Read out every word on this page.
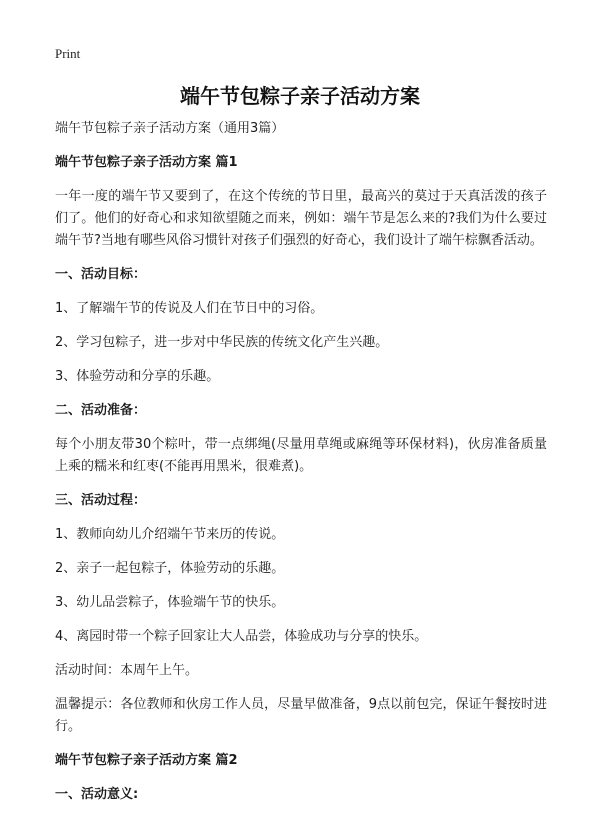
Print
端午节包粽子亲子活动方案

端午节包粽子亲子活动方案（通用3篇）

端午节包粽子亲子活动方案 篇1

一年一度的端午节又要到了，在这个传统的节日里，最高兴的莫过于天真活泼的孩子们了。他们的好奇心和求知欲望随之而来，例如：端午节是怎么来的?我们为什么要过端午节?当地有哪些风俗习惯针对孩子们强烈的好奇心，我们设计了端午棕飘香活动。

一、活动目标：

1、了解端午节的传说及人们在节日中的习俗。

2、学习包粽子，进一步对中华民族的传统文化产生兴趣。

3、体验劳动和分享的乐趣。

二、活动准备：

每个小朋友带30个粽叶，带一点绑绳(尽量用草绳或麻绳等环保材料)，伙房准备质量上乘的糯米和红枣(不能再用黑米，很难煮)。

三、活动过程：

1、教师向幼儿介绍端午节来历的传说。

2、亲子一起包粽子，体验劳动的乐趣。

3、幼儿品尝粽子，体验端午节的快乐。

4、离园时带一个粽子回家让大人品尝，体验成功与分享的快乐。

活动时间：本周午上午。

温馨提示：各位教师和伙房工作人员，尽量早做准备，9点以前包完，保证午餐按时进行。

端午节包粽子亲子活动方案 篇2

一、活动意义:
